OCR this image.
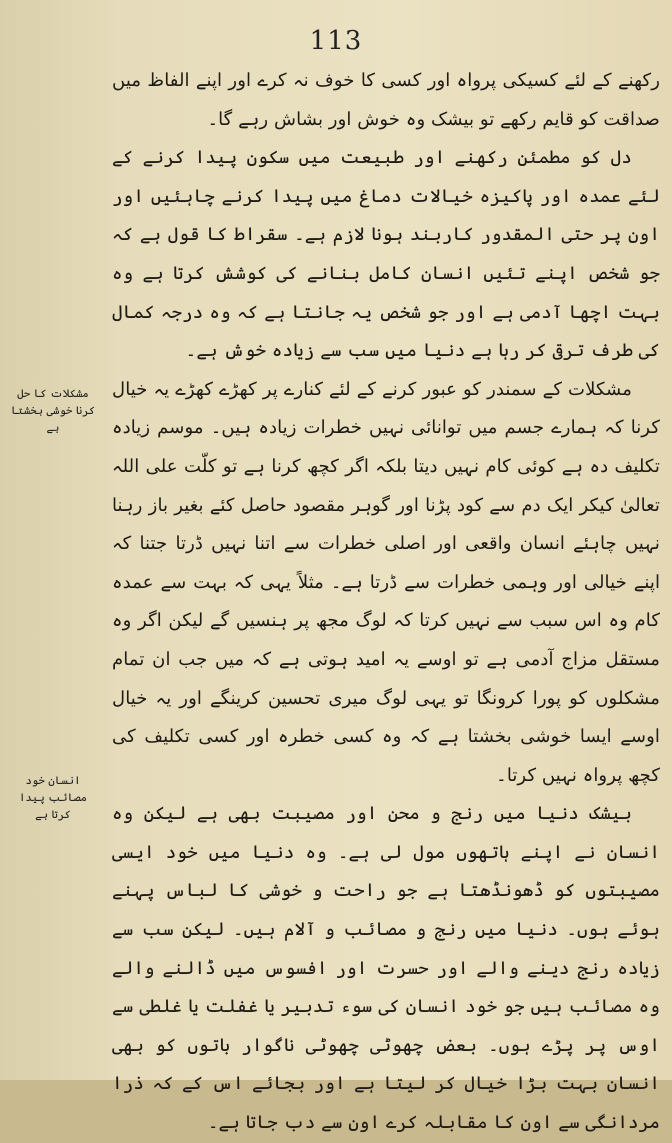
113
مشکلات کا حل کرنا خوشی بخشتا ہے
انسان خود مصائب پیدا کرتا ہے

رکھنے کے لئے کسیکی پرواہ اور کسی کا خوف نہ کرے اور اپنے الفاظ میں صداقت کو قایم رکھے تو بیشک وہ خوش اور بشاش رہے گا۔

دل کو مطمئن رکھنے اور طبیعت میں سکون پیدا کرنے کے لئے عمدہ اور پاکیزہ خیالات دماغ میں پیدا کرنے چاہئیں اور اون پر حتی المقدور کاربند ہونا لازم ہے۔ سقراط کا قول ہے کہ جو شخص اپنے تئیں انسان کامل بنانے کی کوشش کرتا ہے وہ بہت اچھا آدمی ہے اور جو شخص یہ جانتا ہے کہ وہ درجہ کمال کی طرف ترقی کر رہا ہے دنیا میں سب سے زیادہ خوش ہے۔

مشکلات کے سمندر کو عبور کرنے کے لئے کنارے پر کھڑے کھڑے یہ خیال کرنا کہ ہمارے جسم میں توانائی نہیں خطرات زیادہ ہیں۔ موسم زیادہ تکلیف دہ ہے کوئی کام نہیں دیتا بلکہ اگر کچھ کرنا ہے تو کلّت علی اللہ تعالیٰ کیکر ایک دم سے کود پڑنا اور گوہر مقصود حاصل کئے بغیر باز رہنا نہیں چاہئے انسان واقعی اور اصلی خطرات سے اتنا نہیں ڈرتا جتنا کہ اپنے خیالی اور وہمی خطرات سے ڈرتا ہے۔ مثلاً یہی کہ بہت سے عمدہ کام وہ اس سبب سے نہیں کرتا کہ لوگ مجھ پر ہنسیں گے لیکن اگر وہ مستقل مزاج آدمی ہے تو اوسے یہ امید ہوتی ہے کہ میں جب ان تمام مشکلوں کو پورا کرونگا تو یہی لوگ میری تحسین کرینگے اور یہ خیال اوسے ایسا خوشی بخشتا ہے کہ وہ کسی خطرہ اور کسی تکلیف کی کچھ پرواہ نہیں کرتا۔

بیشک دنیا میں رنج و محن اور مصیبت بھی ہے لیکن وہ انسان نے اپنے ہاتھوں مول لی ہے۔ وہ دنیا میں خود ایسی مصیبتوں کو ڈھونڈھتا ہے جو راحت و خوشی کا لباس پہنے ہوئے ہوں۔ دنیا میں رنج و مصائب و آلام ہیں۔ لیکن سب سے زیادہ رنج دینے والے اور حسرت اور افسوس میں ڈالنے والے وہ مصائب ہیں جو خود انسان کی سوء تدبیر یا غفلت یا غلطی سے اوس پر پڑے ہوں۔ بعض چھوٹی چھوٹی ناگوار باتوں کو بھی انسان بہت بڑا خیال کر لیتا ہے اور بجائے اس کے کہ ذرا مردانگی سے اون کا مقابلہ کرے اون سے دب جاتا ہے۔
